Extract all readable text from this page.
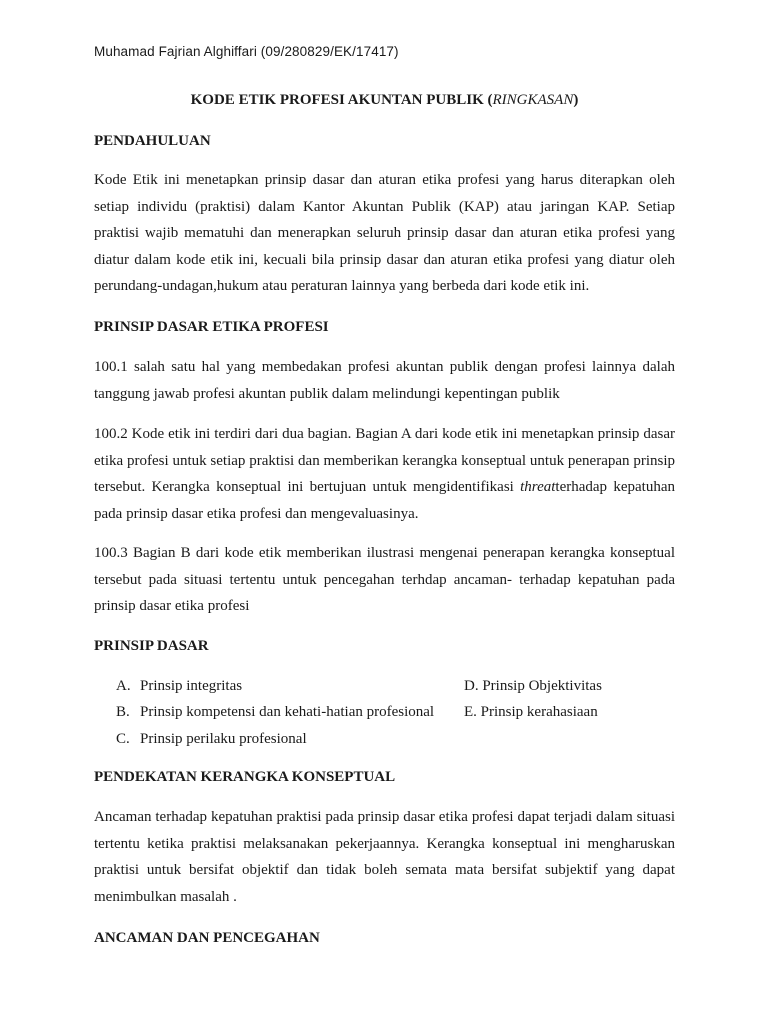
Muhamad Fajrian Alghiffari (09/280829/EK/17417)
KODE ETIK PROFESI AKUNTAN PUBLIK (RINGKASAN)
PENDAHULUAN
Kode Etik ini menetapkan prinsip dasar dan aturan etika profesi yang harus diterapkan oleh setiap individu (praktisi) dalam Kantor Akuntan Publik (KAP) atau jaringan KAP. Setiap praktisi wajib mematuhi dan menerapkan seluruh prinsip dasar dan aturan etika profesi yang diatur dalam kode etik ini, kecuali bila prinsip dasar dan aturan etika profesi yang diatur oleh perundang-undagan,hukum atau peraturan lainnya yang berbeda dari kode etik ini.
PRINSIP DASAR ETIKA PROFESI
100.1 salah satu hal yang membedakan profesi akuntan publik dengan profesi lainnya dalah tanggung jawab profesi akuntan publik dalam melindungi kepentingan publik
100.2 Kode etik ini terdiri dari dua bagian. Bagian A dari kode etik ini menetapkan prinsip dasar etika profesi untuk setiap praktisi dan memberikan kerangka konseptual untuk penerapan prinsip tersebut. Kerangka konseptual ini bertujuan untuk mengidentifikasi threatterhadap kepatuhan pada prinsip dasar etika profesi dan mengevaluasinya.
100.3 Bagian B dari kode etik memberikan ilustrasi mengenai penerapan kerangka konseptual tersebut pada situasi tertentu untuk pencegahan terhdap ancaman- terhadap kepatuhan pada prinsip dasar etika profesi
PRINSIP DASAR
A. Prinsip integritas	D. Prinsip Objektivitas
B. Prinsip kompetensi dan kehati-hatian profesional E. Prinsip kerahasiaan
C. Prinsip perilaku profesional
PENDEKATAN KERANGKA KONSEPTUAL
Ancaman terhadap kepatuhan praktisi pada prinsip dasar etika profesi dapat terjadi dalam situasi tertentu ketika praktisi melaksanakan pekerjaannya. Kerangka konseptual ini mengharuskan praktisi untuk bersifat objektif dan tidak boleh semata mata bersifat subjektif yang dapat menimbulkan masalah .
ANCAMAN DAN PENCEGAHAN
